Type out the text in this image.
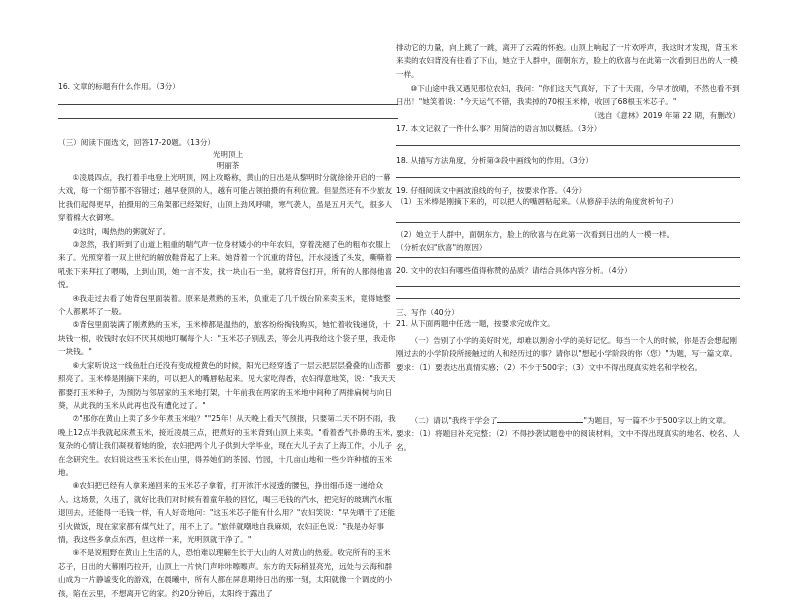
16. 文章的标题有什么作用。（3分）

（三）阅读下面选文，回答17-20题。（13分）

光明顶上

明丽茶

①凌晨四点，我打着手电登上光明顶，网上攻略称，黄山的日出是从黎明时分就徐徐开启的一幕大戏，每一个细节都不容错过；越早登顶的人，越有可能占领拍摄的有利位置。但显然还有不少旅友比我们起得更早，拍摄用的三角架都已经架好，山顶上劲风呼啸，寒气袭人，虽是五月天气，很多人穿着棉大衣御寒。

②这时，喝热热的粥就好了。

③忽然，我们听到了山道上粗重的喘气声一位身材矮小的中年农妇，穿着洗褪了色的粗布衣服上来了。光照穿着一双上世纪的解放鞋背起了上来。她背着一个沉重的背包，汗水浸透了头发，嘶嘶着吼张下来拜扛了喂喝，上到山顶，她一言不发，找一块山石一坐，就将背包打开，所有的人都得他喜悦。

④我走过去看了她背包里面装着。原来是煮熟的玉米，负重走了几千级台阶来卖玉米，竟得她整个人都累坏了一般。

⑤背包里面装满了刚煮熟的玉米，玉米棒都是温热的，旅客纷纷掏钱购买，她忙着收钱递货，十块钱一根，收钱时农妇不厌其烦地叮嘱每个人："玉米芯子别乱丢，等会儿再我给这个袋子里，我走你一块钱。"

⑥大家听说这一线鱼肚白还没有变成橙黄色的时候，阳光已经穿透了一层云把层层叠叠的山峦都照亮了。玉米棒是刚摘下来的，可以把人的嘴唇粘起来。见大家吃得香，农妇得意地笑，说："我天天都要打玉米种子，为预防与邻居家的玉米地打架，十年前我在两家的玉米地中间种了两排扁树与向日葵，从此我的玉米从此再也没有遭化过了。"

⑦"那你在黄山上卖了多少年煮玉米啦？""25年！从天晚上看天气预报，只要第二天不阴不雨，我晚上12点半我就起床煮玉米，接近凌晨三点，把煮好的玉米背到山顶上来卖。"看着香气扑鼻的玉米，复杂的心情让我们凝视着她的脸，农妇把两个儿子供到大学毕业，现在大儿子去了上海工作，小儿子在念研究生。农妇说这些玉米长在山里，得养她们的茶园、竹园，十几亩山地和一些少许种植的玉米地。

⑧农妇把已经有人拿来递回来的玉米芯子拿着，打开浓汗水浸透的腰包，挣出细币逐一递给众人。这场景，久违了，就好比我们对时候有着童年般的回忆，喝三毛钱的汽水，把完好的玻璃汽水瓶退回去，还能得一毛钱一样，有人好奇地问："这玉米芯子能有什么用？"农妇笑说："早先晒干了还能引火做饭，现在家家都有煤气灶了，用不上了。"旅伴就嘲地自我麻烦，农妇正色说："我是办好事情，我这些多拿点东西，但这样一来，光明顶就干净了。"

⑨不是说粗野在黄山上生活的人，恐怕难以理解生长于大山的人对黄山的热爱。收完所有的玉米芯子，日出的大幕刚巧拉开，山顶上一片快门声咔咔嚓嚓声。东方的天际稍显亮光，远处与云海和群山成为一片静谧变化的游戏，在晨曦中，所有人都在屏息期待日出的那一刻，太阳就像一个调皮的小孩，陷在云里，不想离开它的家。约20分钟后，太阳终于露出了

排动它的力量，向上跳了一跳，离开了云霞的怀抱。山顶上响起了一片欢呼声，我这时才发现，背玉米来卖的农妇背没有往看了下山，她立于人群中，面朝东方，脸上的欣喜与在此第一次看到日出的人一模一样。

⑩下山途中我又遇见那位农妇，我问："你们这天气真好，下了十天雨，今早才放晴，不然也看不到日出！"她笑着说："今天运气不错，我卖掉的70根玉米棒，收回了68根玉米芯子。"

（选自《意林》2019 年第 22 期，有删改）

17. 本文记叙了一件什么事？用简洁的语言加以概括。（3分）

18. 从描写方法角度，分析第③段中画线句的作用。（3分）

19. 仔细阅读文中画波浪线的句子，按要求作答。（4分）

（1）玉米棒是刚摘下来的，可以把人的嘴唇粘起来。（从修辞手法的角度赏析句子）

（2）她立于人群中，面朝东方，脸上的欣喜与在此第一次看到日出的人一模一样。

（分析农妇"欣喜"的原因）

20. 文中的农妇有哪些值得称赞的品质？请结合具体内容分析。（4分）

三、写作（40分）

21. 从下面两题中任选一题，按要求完成作文。

（一）告别了小学的美好时光，却难以割舍小学的美好记忆。每当一个人的时候，你是否会想起刚刚过去的小学阶段所接触过的人和经历过的事？请你以"想起小学阶段的你（您）"为题，写一篇文章。

要求：（1）要表达出真情实感；（2）不少于500字；（3）文中不得出现真实姓名和学校名。

（二）请以"我终于学会了	"为题目，写一篇不少于500字以上的文章。

要求：（1）将题目补充完整；（2）不得抄袭试题卷中的阅读材料，文中不得出现真实的地名、校名、人名。
